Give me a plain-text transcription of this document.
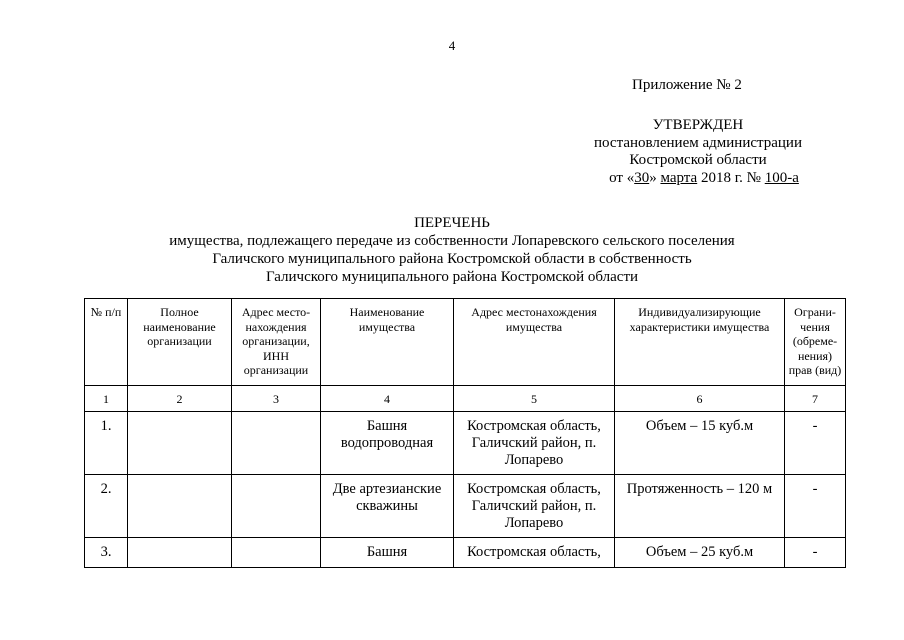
4
Приложение № 2
УТВЕРЖДЕН
постановлением администрации
Костромской области
от «30» марта 2018 г. № 100-а
ПЕРЕЧЕНЬ
имущества, подлежащего передаче из собственности Лопаревского сельского поселения
Галичского муниципального района Костромской области в собственность
Галичского муниципального района Костромской области
№ п/п	Полное наименование организации	Адрес место-нахождения организации, ИНН организации	Наименование имущества	Адрес местонахождения имущества	Индивидуализирующие характеристики имущества	Ограни-чения (обреме-нения) прав (вид)
1	2	3	4	5	6	7
1.			Башня водопроводная	Костромская область, Галичский район, п. Лопарево	Объем – 15 куб.м	-
2.			Две артезианские скважины	Костромская область, Галичский район, п. Лопарево	Протяженность – 120 м	-
3.			Башня	Костромская область,	Объем – 25 куб.м	-
